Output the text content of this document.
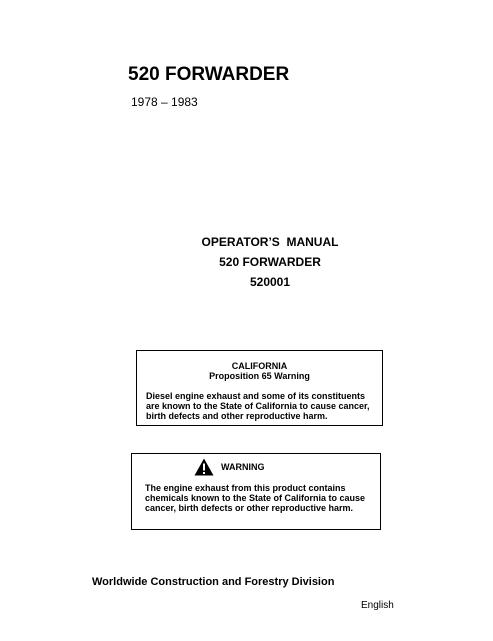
520 FORWARDER
1978 – 1983
OPERATOR’S  MANUAL
520 FORWARDER
520001
CALIFORNIA
Proposition 65 Warning
Diesel engine exhaust and some of its constituents are known to the State of California to cause cancer, birth defects and other reproductive harm.
WARNING
The engine exhaust from this product contains chemicals known to the State of California to cause cancer, birth defects or other reproductive harm.
Worldwide Construction and Forestry Division
English
